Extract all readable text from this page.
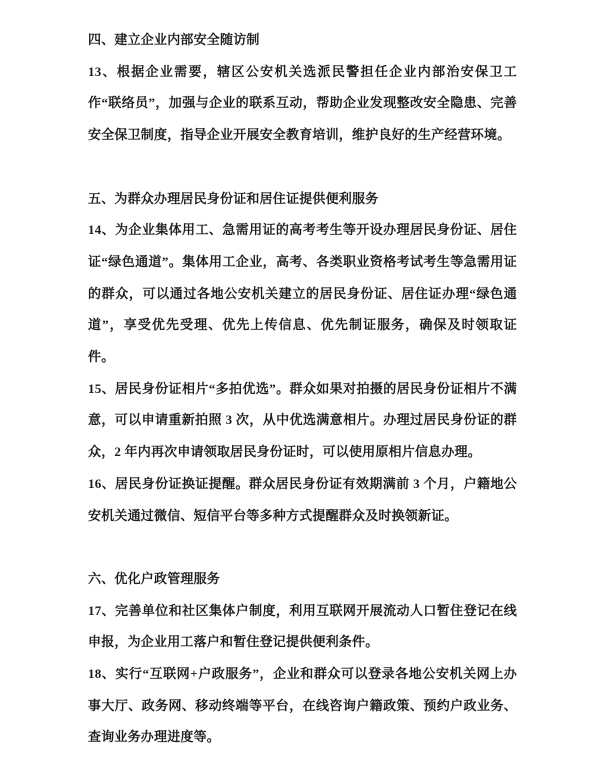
四、建立企业内部安全随访制

13、根据企业需要，辖区公安机关选派民警担任企业内部治安保卫工作“联络员”，加强与企业的联系互动，帮助企业发现整改安全隐患、完善安全保卫制度，指导企业开展安全教育培训，维护良好的生产经营环境。

五、为群众办理居民身份证和居住证提供便利服务

14、为企业集体用工、急需用证的高考考生等开设办理居民身份证、居住证“绿色通道”。集体用工企业，高考、各类职业资格考试考生等急需用证的群众，可以通过各地公安机关建立的居民身份证、居住证办理“绿色通道”，享受优先受理、优先上传信息、优先制证服务，确保及时领取证件。

15、居民身份证相片“多拍优选”。群众如果对拍摄的居民身份证相片不满意，可以申请重新拍照 3 次，从中优选满意相片。办理过居民身份证的群众，2 年内再次申请领取居民身份证时，可以使用原相片信息办理。

16、居民身份证换证提醒。群众居民身份证有效期满前 3 个月，户籍地公安机关通过微信、短信平台等多种方式提醒群众及时换领新证。

六、优化户政管理服务

17、完善单位和社区集体户制度，利用互联网开展流动人口暂住登记在线申报，为企业用工落户和暂住登记提供便利条件。

18、实行“互联网+户政服务”，企业和群众可以登录各地公安机关网上办事大厅、政务网、移动终端等平台，在线咨询户籍政策、预约户政业务、查询业务办理进度等。
